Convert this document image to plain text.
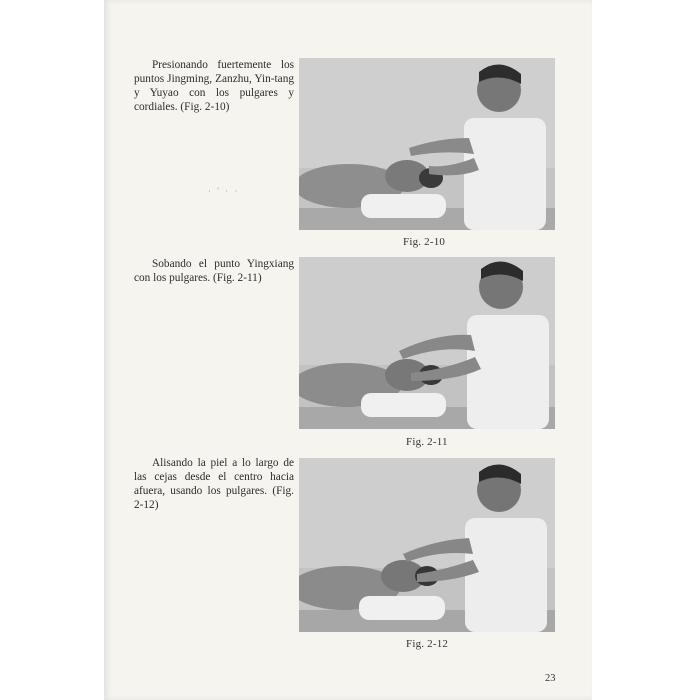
Presionando fuertemente los puntos Jingming, Zanzhu, Yin-tang y Yuyao con los pulgares y cordiales. (Fig. 2-10)
Fig. 2-10
· ' · ·
Sobando el punto Yingxiang con los pulgares. (Fig. 2-11)
Fig. 2-11
Alisando la piel a lo largo de las cejas desde el centro hacia afuera, usando los pulgares. (Fig. 2-12)
Fig. 2-12
23
